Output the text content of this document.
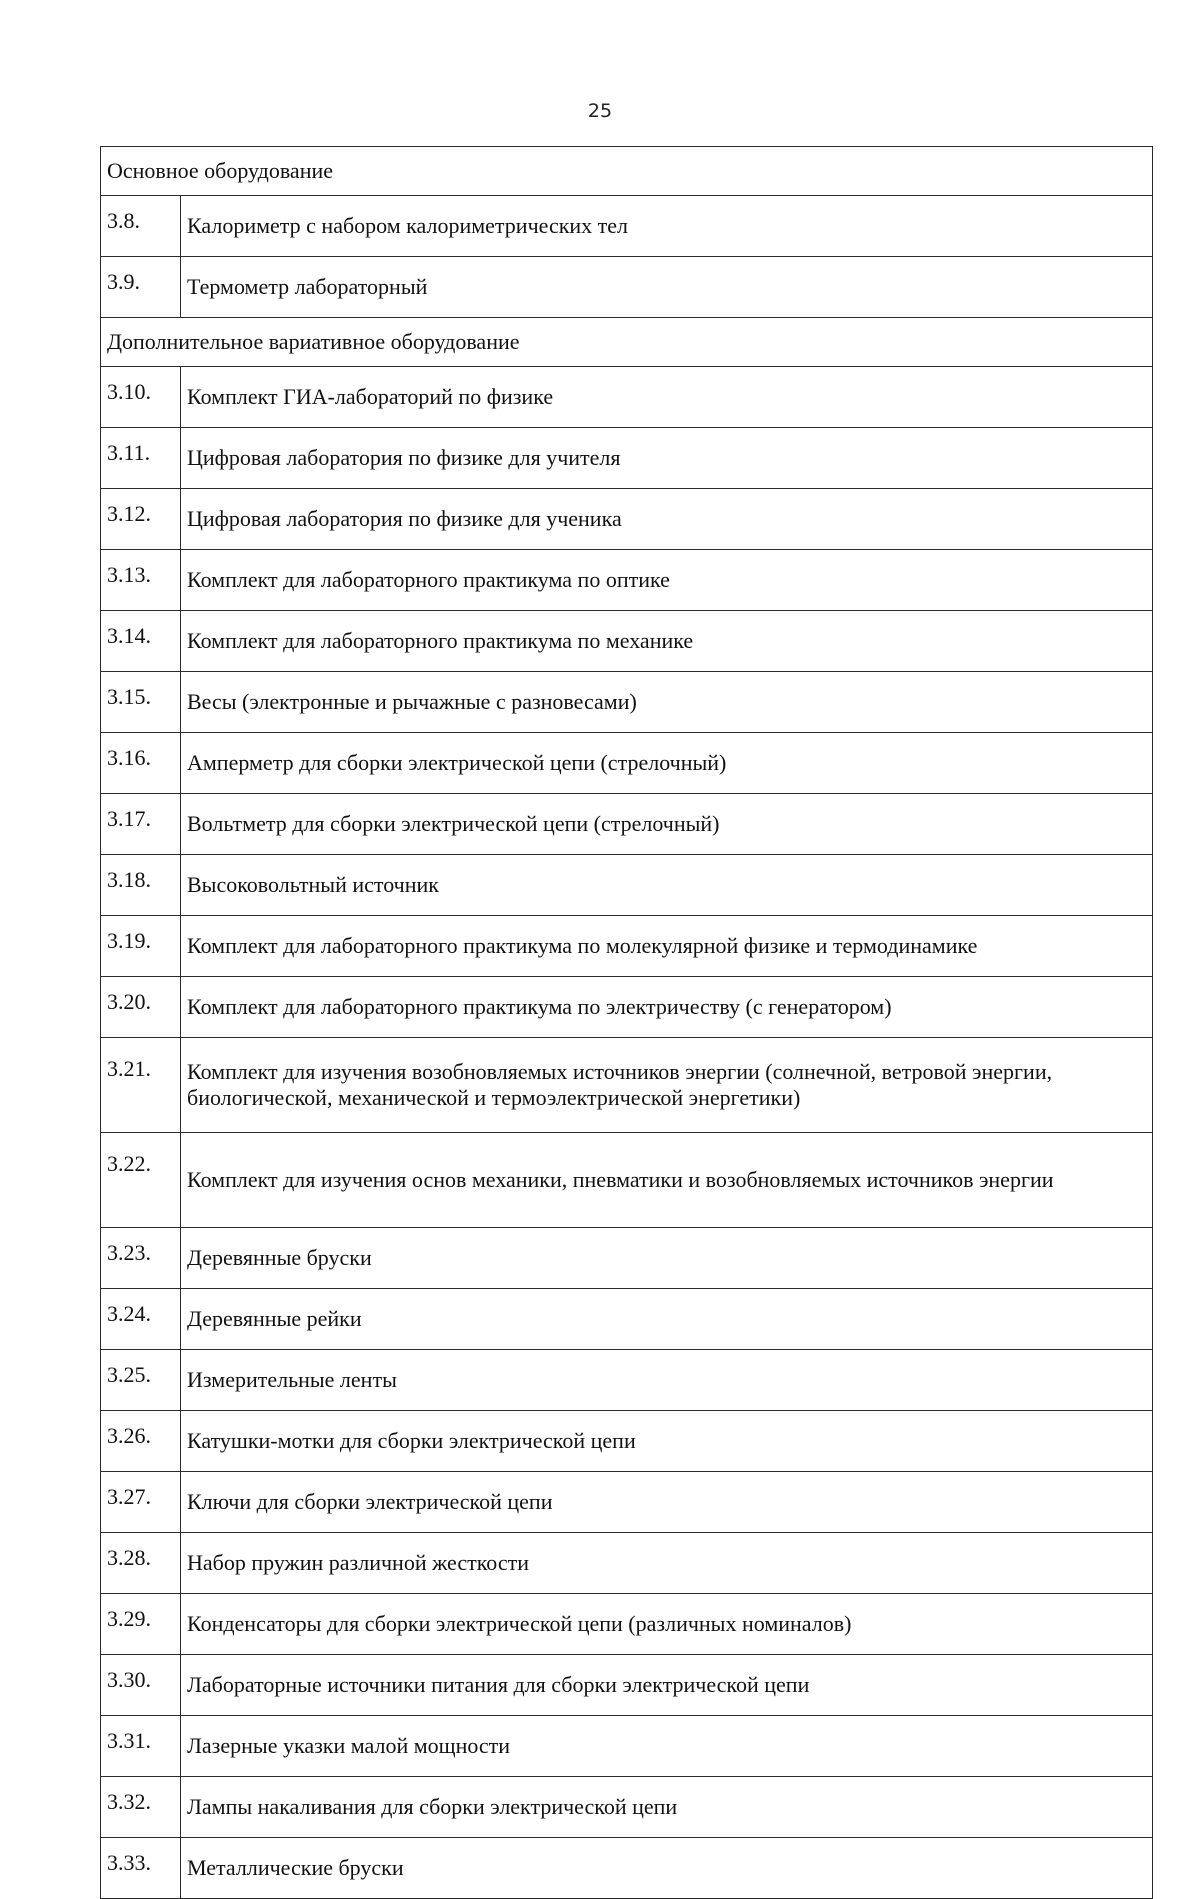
25
Основное оборудование	
3.8.	Калориметр с набором калориметрических тел
3.9.	Термометр лабораторный
Дополнительное вариативное оборудование	
3.10.	Комплект ГИА-лабораторий по физике
3.11.	Цифровая лаборатория по физике для учителя
3.12.	Цифровая лаборатория по физике для ученика
3.13.	Комплект для лабораторного практикума по оптике
3.14.	Комплект для лабораторного практикума по механике
3.15.	Весы (электронные и рычажные с разновесами)
3.16.	Амперметр для сборки электрической цепи (стрелочный)
3.17.	Вольтметр для сборки электрической цепи (стрелочный)
3.18.	Высоковольтный источник
3.19.	Комплект для лабораторного практикума по молекулярной физике и термодинамике
3.20.	Комплект для лабораторного практикума по электричеству (с генератором)
3.21.	Комплект для изучения возобновляемых источников энергии (солнечной, ветровой энергии, биологической, механической и термоэлектрической энергетики)
3.22.	Комплект для изучения основ механики, пневматики и возобновляемых источников энергии
3.23.	Деревянные бруски
3.24.	Деревянные рейки
3.25.	Измерительные ленты
3.26.	Катушки-мотки для сборки электрической цепи
3.27.	Ключи для сборки электрической цепи
3.28.	Набор пружин различной жесткости
3.29.	Конденсаторы для сборки электрической цепи (различных номиналов)
3.30.	Лабораторные источники питания для сборки электрической цепи
3.31.	Лазерные указки малой мощности
3.32.	Лампы накаливания для сборки электрической цепи
3.33.	Металлические бруски
